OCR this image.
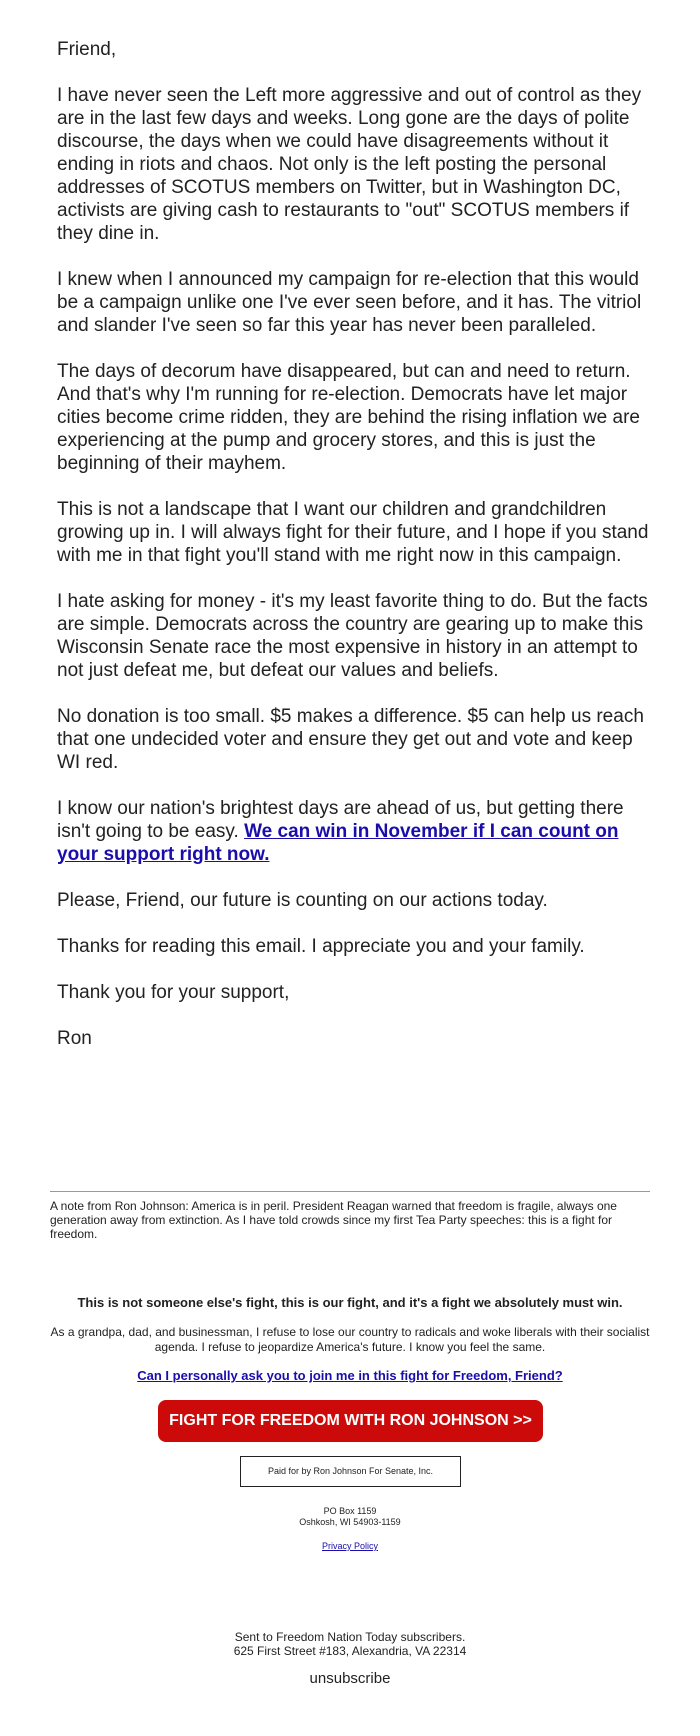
Friend,

I have never seen the Left more aggressive and out of control as they are in the last few days and weeks. Long gone are the days of polite discourse, the days when we could have disagreements without it ending in riots and chaos. Not only is the left posting the personal addresses of SCOTUS members on Twitter, but in Washington DC, activists are giving cash to restaurants to "out" SCOTUS members if they dine in.

I knew when I announced my campaign for re-election that this would be a campaign unlike one I've ever seen before, and it has. The vitriol and slander I've seen so far this year has never been paralleled.

The days of decorum have disappeared, but can and need to return. And that's why I'm running for re-election. Democrats have let major cities become crime ridden, they are behind the rising inflation we are experiencing at the pump and grocery stores, and this is just the beginning of their mayhem.

This is not a landscape that I want our children and grandchildren growing up in. I will always fight for their future, and I hope if you stand with me in that fight you'll stand with me right now in this campaign.

I hate asking for money - it's my least favorite thing to do. But the facts are simple. Democrats across the country are gearing up to make this Wisconsin Senate race the most expensive in history in an attempt to not just defeat me, but defeat our values and beliefs.

No donation is too small. $5 makes a difference. $5 can help us reach that one undecided voter and ensure they get out and vote and keep WI red.

I know our nation's brightest days are ahead of us, but getting there isn't going to be easy. We can win in November if I can count on your support right now.

Please, Friend, our future is counting on our actions today.

Thanks for reading this email. I appreciate you and your family.

Thank you for your support,

Ron

A note from Ron Johnson: America is in peril. President Reagan warned that freedom is fragile, always one generation away from extinction. As I have told crowds since my first Tea Party speeches: this is a fight for freedom.
This is not someone else's fight, this is our fight, and it's a fight we absolutely must win.
As a grandpa, dad, and businessman, I refuse to lose our country to radicals and woke liberals with their socialist agenda. I refuse to jeopardize America's future. I know you feel the same.
Can I personally ask you to join me in this fight for Freedom, Friend?
FIGHT FOR FREEDOM WITH RON JOHNSON >>
Paid for by Ron Johnson For Senate, Inc.
PO Box 1159
Oshkosh, WI 54903-1159
Privacy Policy
Sent to Freedom Nation Today subscribers.
625 First Street #183, Alexandria, VA 22314
unsubscribe
